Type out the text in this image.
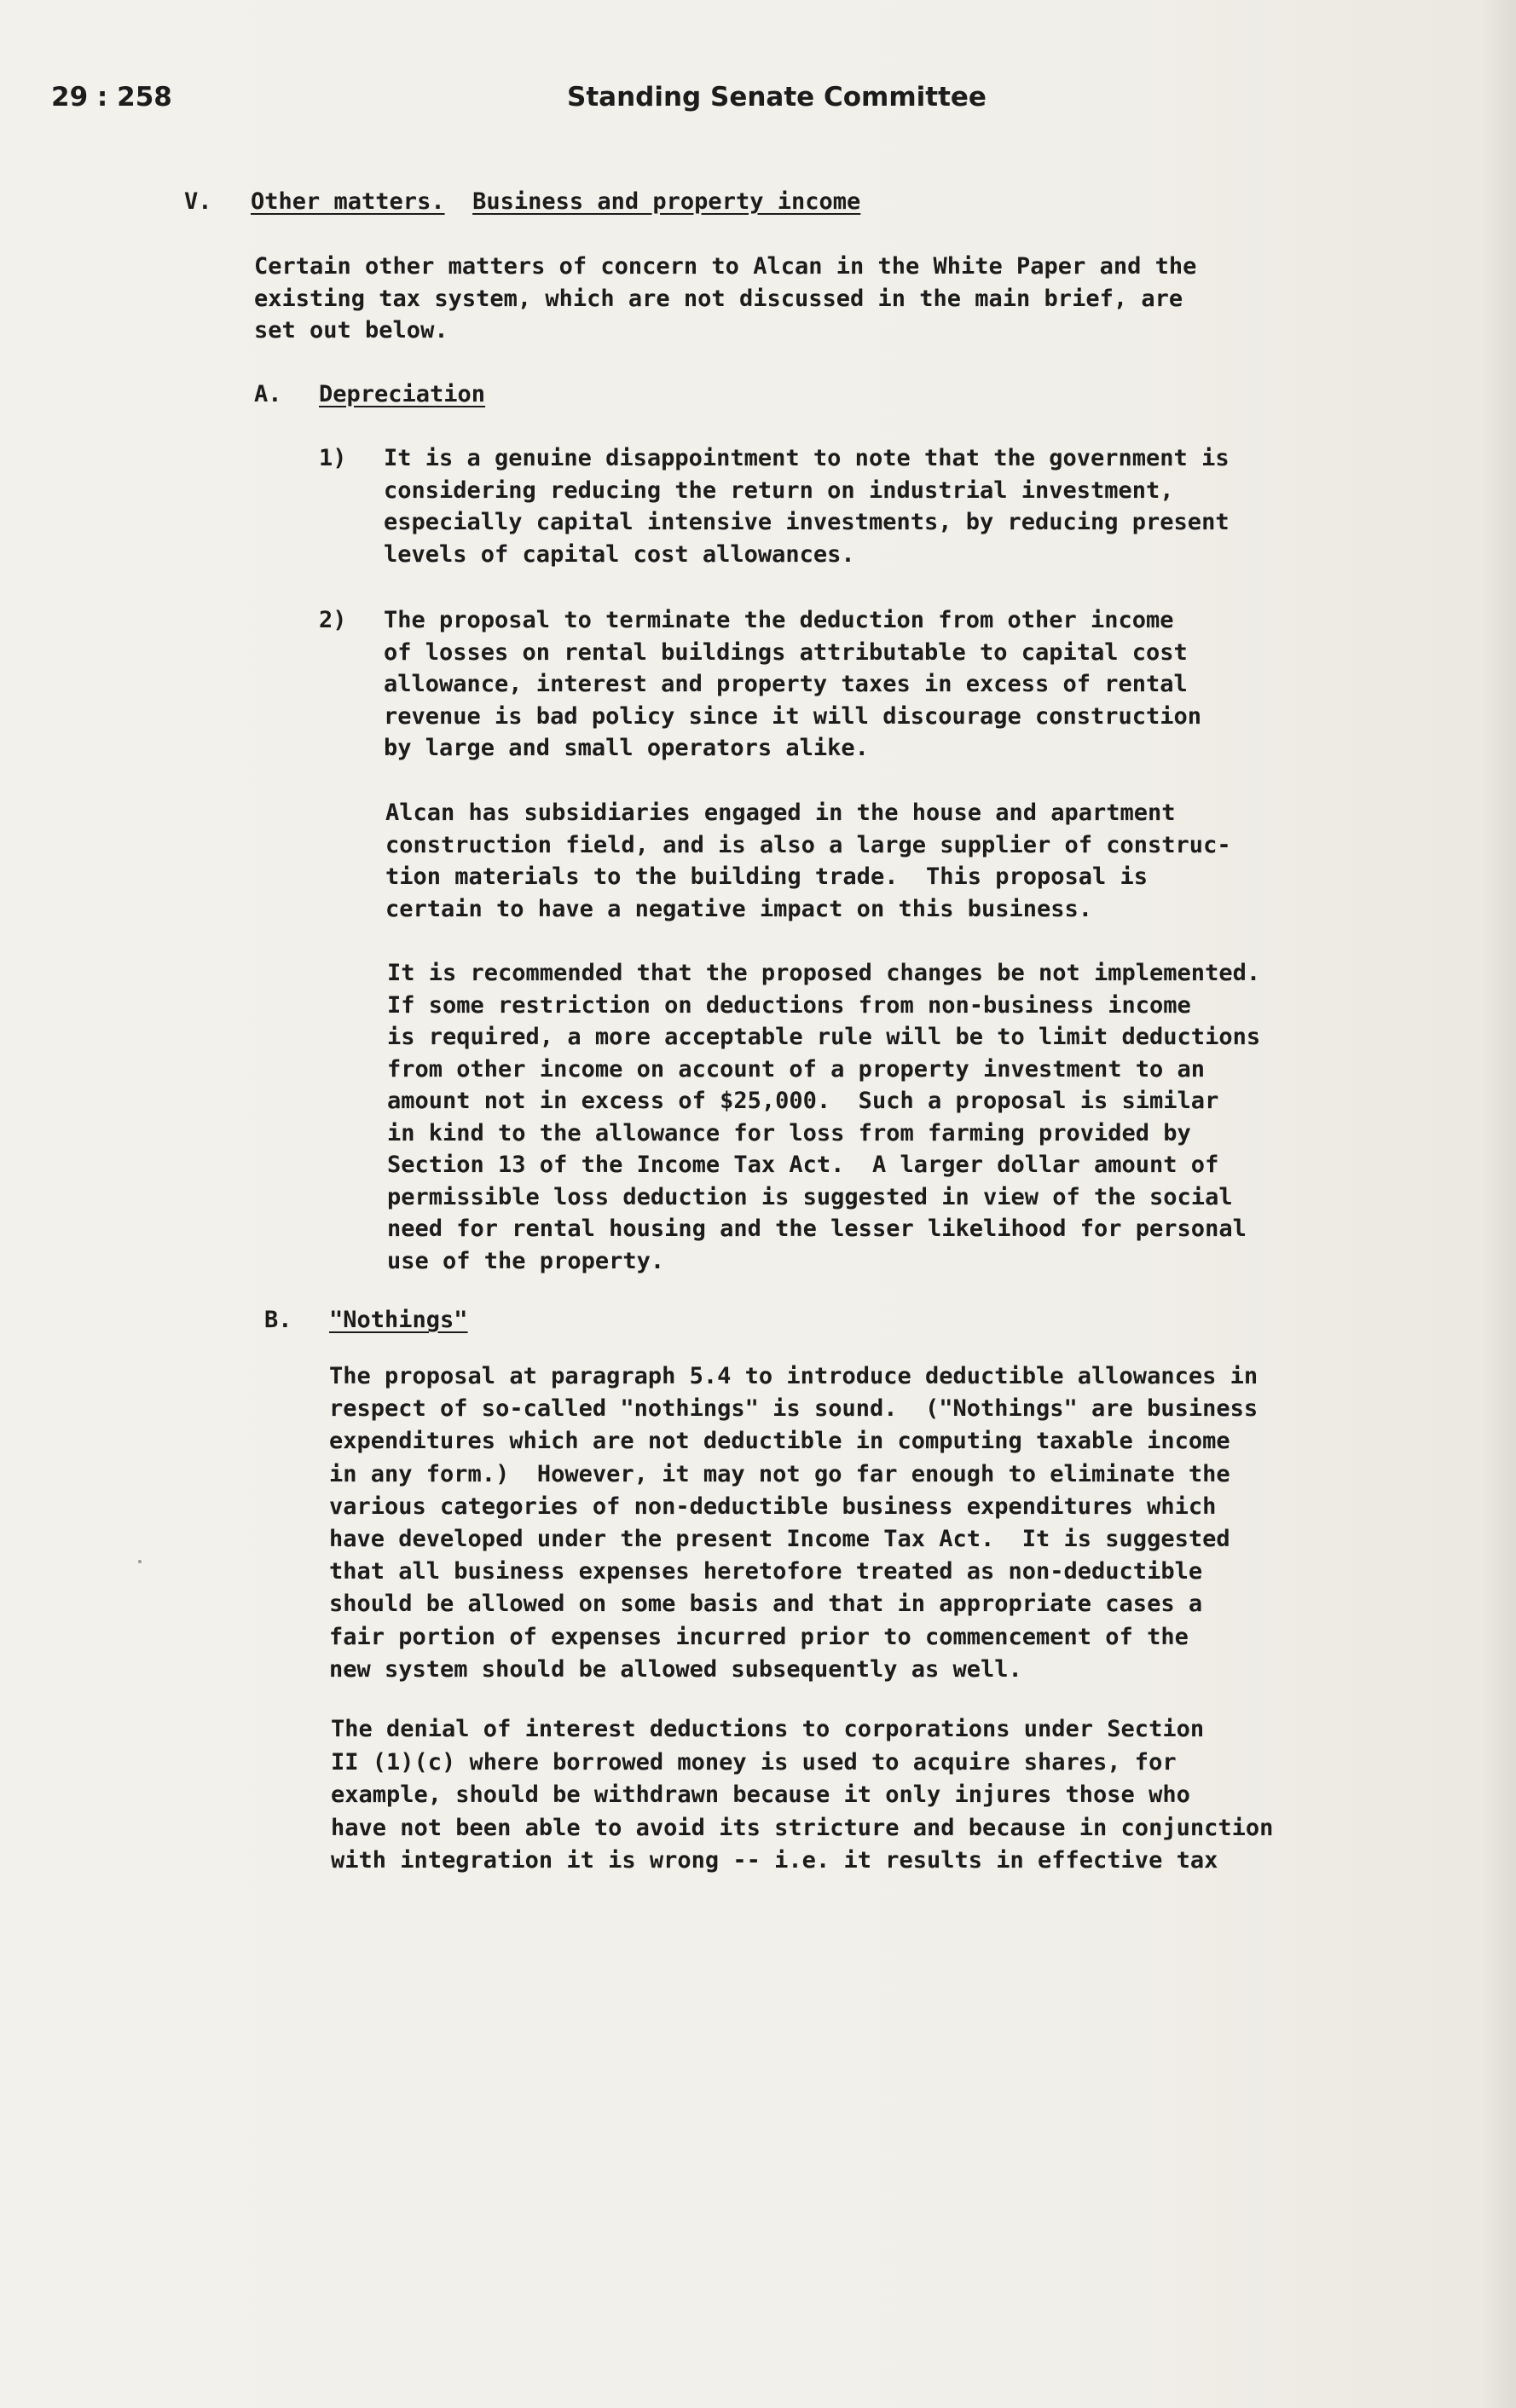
29 : 258	Standing Senate Committee
V. Other matters. Business and property income
Certain other matters of concern to Alcan in the White Paper and the
existing tax system, which are not discussed in the main brief, are
set out below.
A. Depreciation
1) It is a genuine disappointment to note that the government is
considering reducing the return on industrial investment,
especially capital intensive investments, by reducing present
levels of capital cost allowances.
2) The proposal to terminate the deduction from other income
of losses on rental buildings attributable to capital cost
allowance, interest and property taxes in excess of rental
revenue is bad policy since it will discourage construction
by large and small operators alike.
Alcan has subsidiaries engaged in the house and apartment
construction field, and is also a large supplier of construc-
tion materials to the building trade.  This proposal is
certain to have a negative impact on this business.
It is recommended that the proposed changes be not implemented.
If some restriction on deductions from non-business income
is required, a more acceptable rule will be to limit deductions
from other income on account of a property investment to an
amount not in excess of $25,000.  Such a proposal is similar
in kind to the allowance for loss from farming provided by
Section 13 of the Income Tax Act.  A larger dollar amount of
permissible loss deduction is suggested in view of the social
need for rental housing and the lesser likelihood for personal
use of the property.
B. "Nothings"
The proposal at paragraph 5.4 to introduce deductible allowances in
respect of so-called "nothings" is sound.  ("Nothings" are business
expenditures which are not deductible in computing taxable income
in any form.)  However, it may not go far enough to eliminate the
various categories of non-deductible business expenditures which
have developed under the present Income Tax Act.  It is suggested
that all business expenses heretofore treated as non-deductible
should be allowed on some basis and that in appropriate cases a
fair portion of expenses incurred prior to commencement of the
new system should be allowed subsequently as well.
The denial of interest deductions to corporations under Section
II (1)(c) where borrowed money is used to acquire shares, for
example, should be withdrawn because it only injures those who
have not been able to avoid its stricture and because in conjunction
with integration it is wrong -- i.e. it results in effective tax
